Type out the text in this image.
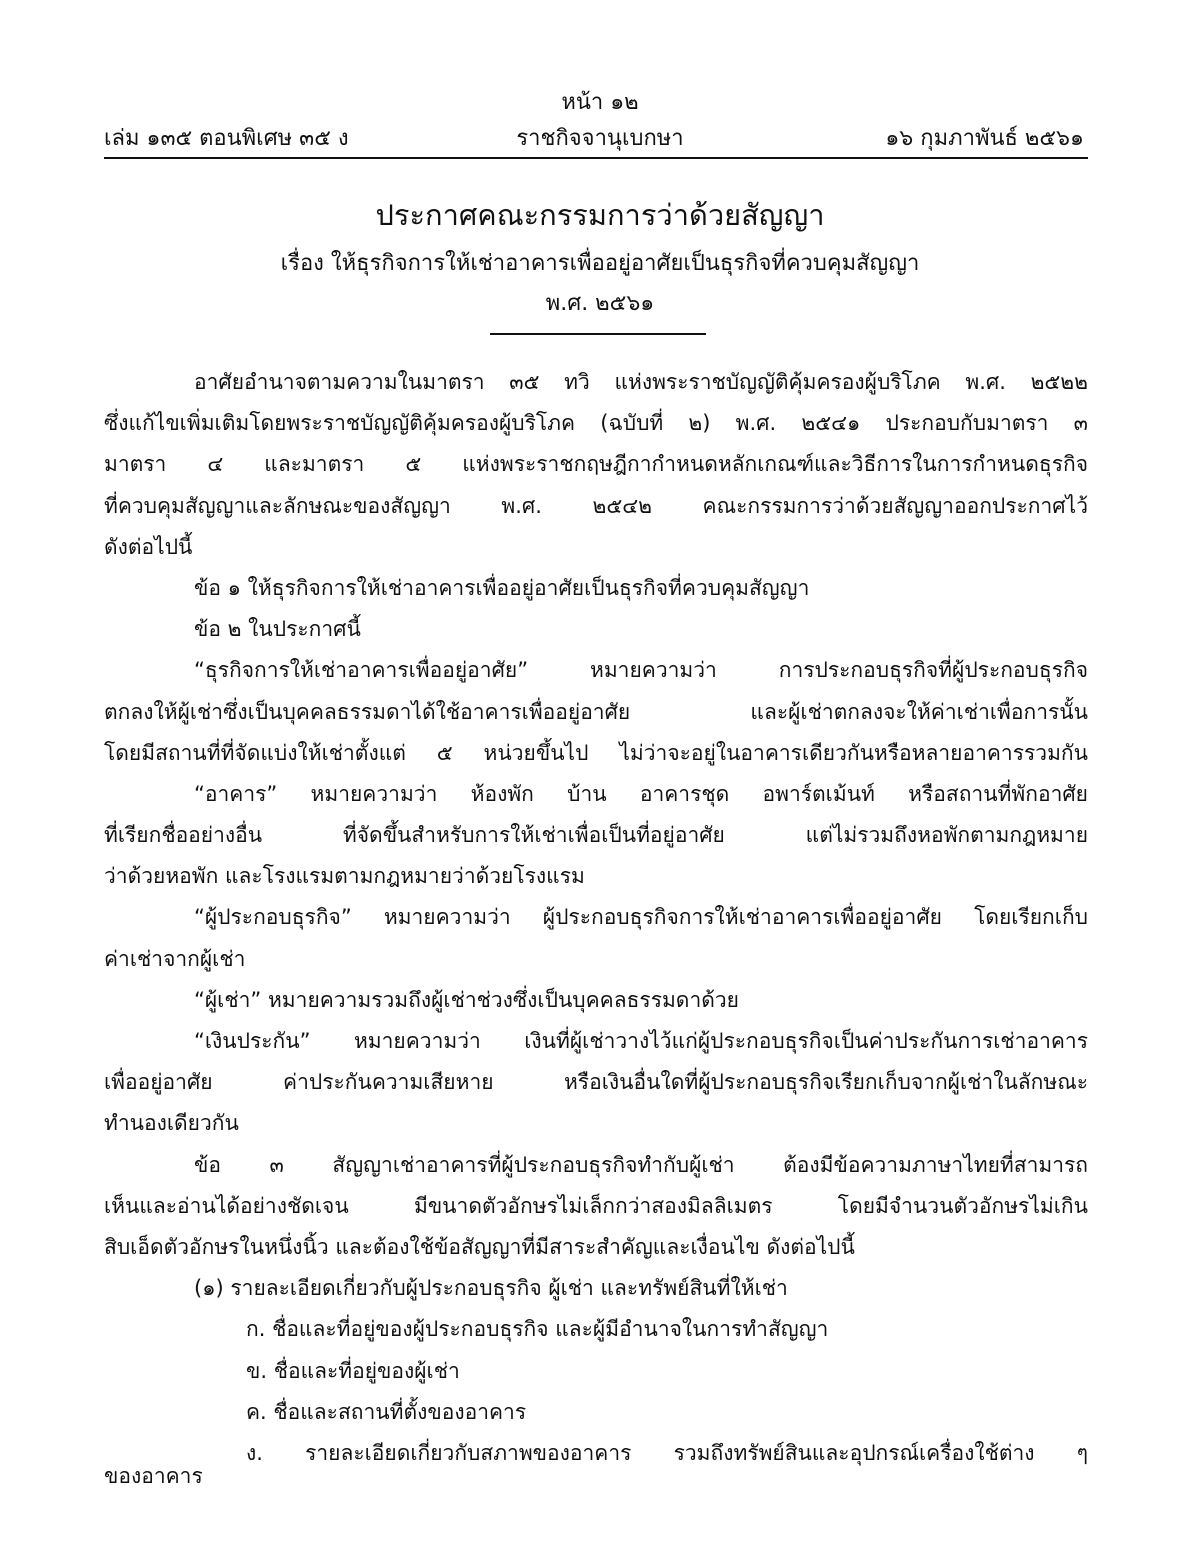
หน้า ๑๒
เล่ม ๑๓๕ ตอนพิเศษ ๓๕ ง	ราชกิจจานุเบกษา	๑๖ กุมภาพันธ์ ๒๕๖๑
ประกาศคณะกรรมการว่าด้วยสัญญา
เรื่อง ให้ธุรกิจการให้เช่าอาคารเพื่ออยู่อาศัยเป็นธุรกิจที่ควบคุมสัญญา
พ.ศ. ๒๕๖๑
อาศัยอำนาจตามความในมาตรา ๓๕ ทวิ แห่งพระราชบัญญัติคุ้มครองผู้บริโภค พ.ศ. ๒๕๒๒
ซึ่งแก้ไขเพิ่มเติมโดยพระราชบัญญัติคุ้มครองผู้บริโภค (ฉบับที่ ๒) พ.ศ. ๒๕๔๑ ประกอบกับมาตรา ๓
มาตรา ๔ และมาตรา ๕ แห่งพระราชกฤษฎีกากำหนดหลักเกณฑ์และวิธีการในการกำหนดธุรกิจ
ที่ควบคุมสัญญาและลักษณะของสัญญา พ.ศ. ๒๕๔๒ คณะกรรมการว่าด้วยสัญญาออกประกาศไว้
ดังต่อไปนี้
ข้อ ๑ ให้ธุรกิจการให้เช่าอาคารเพื่ออยู่อาศัยเป็นธุรกิจที่ควบคุมสัญญา
ข้อ ๒ ในประกาศนี้
“ธุรกิจการให้เช่าอาคารเพื่ออยู่อาศัย” หมายความว่า การประกอบธุรกิจที่ผู้ประกอบธุรกิจ
ตกลงให้ผู้เช่าซึ่งเป็นบุคคลธรรมดาได้ใช้อาคารเพื่ออยู่อาศัย และผู้เช่าตกลงจะให้ค่าเช่าเพื่อการนั้น
โดยมีสถานที่ที่จัดแบ่งให้เช่าตั้งแต่ ๕ หน่วยขึ้นไป ไม่ว่าจะอยู่ในอาคารเดียวกันหรือหลายอาคารรวมกัน
“อาคาร” หมายความว่า ห้องพัก บ้าน อาคารชุด อพาร์ตเม้นท์ หรือสถานที่พักอาศัย
ที่เรียกชื่ออย่างอื่น ที่จัดขึ้นสำหรับการให้เช่าเพื่อเป็นที่อยู่อาศัย แต่ไม่รวมถึงหอพักตามกฎหมาย
ว่าด้วยหอพัก และโรงแรมตามกฎหมายว่าด้วยโรงแรม
“ผู้ประกอบธุรกิจ” หมายความว่า ผู้ประกอบธุรกิจการให้เช่าอาคารเพื่ออยู่อาศัย โดยเรียกเก็บ
ค่าเช่าจากผู้เช่า
“ผู้เช่า” หมายความรวมถึงผู้เช่าช่วงซึ่งเป็นบุคคลธรรมดาด้วย
“เงินประกัน” หมายความว่า เงินที่ผู้เช่าวางไว้แก่ผู้ประกอบธุรกิจเป็นค่าประกันการเช่าอาคาร
เพื่ออยู่อาศัย ค่าประกันความเสียหาย หรือเงินอื่นใดที่ผู้ประกอบธุรกิจเรียกเก็บจากผู้เช่าในลักษณะ
ทำนองเดียวกัน
ข้อ ๓ สัญญาเช่าอาคารที่ผู้ประกอบธุรกิจทำกับผู้เช่า ต้องมีข้อความภาษาไทยที่สามารถ
เห็นและอ่านได้อย่างชัดเจน มีขนาดตัวอักษรไม่เล็กกว่าสองมิลลิเมตร โดยมีจำนวนตัวอักษรไม่เกิน
สิบเอ็ดตัวอักษรในหนึ่งนิ้ว และต้องใช้ข้อสัญญาที่มีสาระสำคัญและเงื่อนไข ดังต่อไปนี้
(๑) รายละเอียดเกี่ยวกับผู้ประกอบธุรกิจ ผู้เช่า และทรัพย์สินที่ให้เช่า
ก. ชื่อและที่อยู่ของผู้ประกอบธุรกิจ และผู้มีอำนาจในการทำสัญญา
ข. ชื่อและที่อยู่ของผู้เช่า
ค. ชื่อและสถานที่ตั้งของอาคาร
ง. รายละเอียดเกี่ยวกับสภาพของอาคาร รวมถึงทรัพย์สินและอุปกรณ์เครื่องใช้ต่าง ๆ
ของอาคาร
